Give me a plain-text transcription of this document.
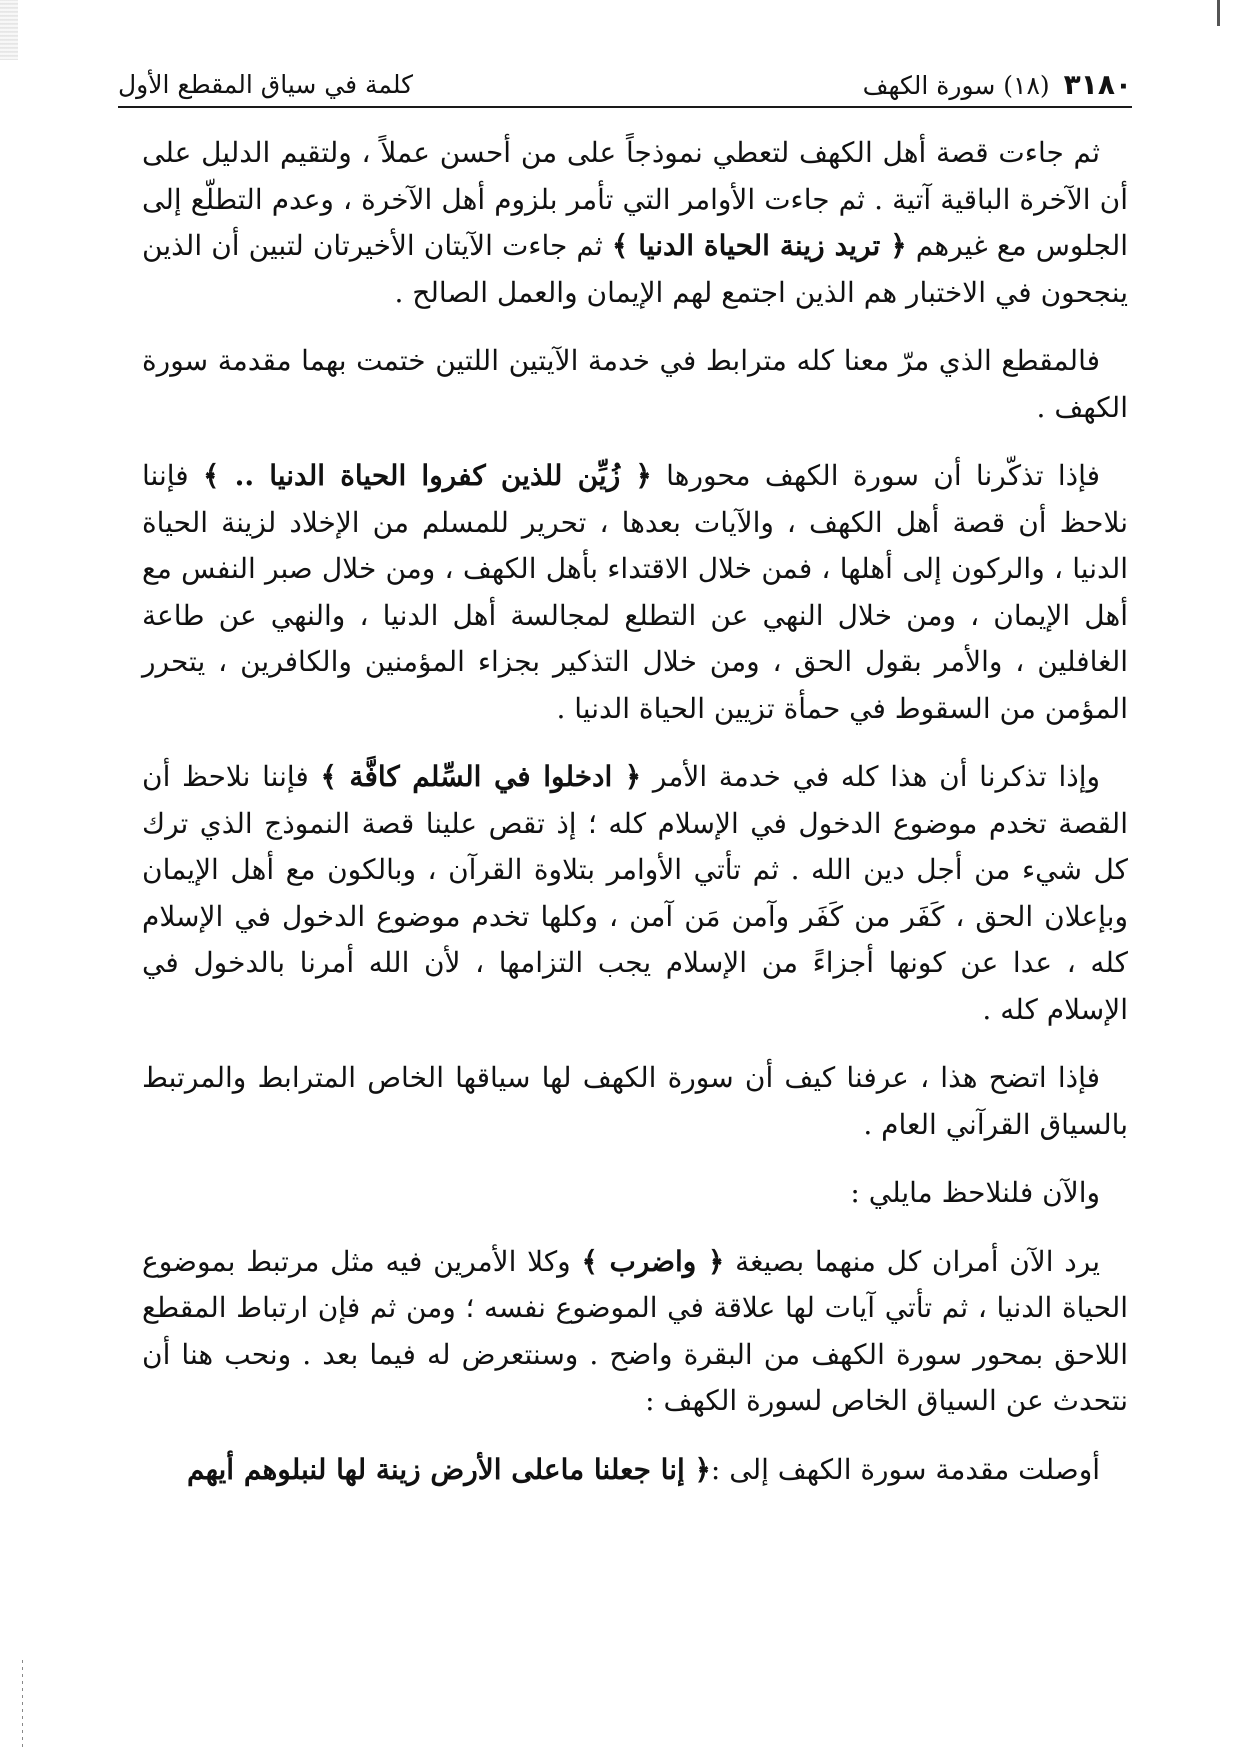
٣١٨٠
(١٨) سورة الكهف
كلمة في سياق المقطع الأول

ثم جاءت قصة أهل الكهف لتعطي نموذجاً على من أحسن عملاً ، ولتقيم الدليل على أن الآخرة الباقية آتية . ثم جاءت الأوامر التي تأمر بلزوم أهل الآخرة ، وعدم التطلّع إلى الجلوس مع غيرهم ﴿ تريد زينة الحياة الدنيا ﴾ ثم جاءت الآيتان الأخيرتان لتبين أن الذين ينجحون في الاختبار هم الذين اجتمع لهم الإيمان والعمل الصالح .

فالمقطع الذي مرّ معنا كله مترابط في خدمة الآيتين اللتين ختمت بهما مقدمة سورة الكهف .

فإذا تذكّرنا أن سورة الكهف محورها ﴿ زُيِّن للذين كفروا الحياة الدنيا .. ﴾ فإننا نلاحظ أن قصة أهل الكهف ، والآيات بعدها ، تحرير للمسلم من الإخلاد لزينة الحياة الدنيا ، والركون إلى أهلها ، فمن خلال الاقتداء بأهل الكهف ، ومن خلال صبر النفس مع أهل الإيمان ، ومن خلال النهي عن التطلع لمجالسة أهل الدنيا ، والنهي عن طاعة الغافلين ، والأمر بقول الحق ، ومن خلال التذكير بجزاء المؤمنين والكافرين ، يتحرر المؤمن من السقوط في حمأة تزيين الحياة الدنيا .

وإذا تذكرنا أن هذا كله في خدمة الأمر ﴿ ادخلوا في السِّلم كافَّة ﴾ فإننا نلاحظ أن القصة تخدم موضوع الدخول في الإسلام كله ؛ إذ تقص علينا قصة النموذج الذي ترك كل شيء من أجل دين الله . ثم تأتي الأوامر بتلاوة القرآن ، وبالكون مع أهل الإيمان وبإعلان الحق ، كَفَر من كَفَر وآمن مَن آمن ، وكلها تخدم موضوع الدخول في الإسلام كله ، عدا عن كونها أجزاءً من الإسلام يجب التزامها ، لأن الله أمرنا بالدخول في الإسلام كله .

فإذا اتضح هذا ، عرفنا كيف أن سورة الكهف لها سياقها الخاص المترابط والمرتبط بالسياق القرآني العام .

والآن فلنلاحظ مايلي :

يرد الآن أمران كل منهما بصيغة ﴿ واضرب ﴾ وكلا الأمرين فيه مثل مرتبط بموضوع الحياة الدنيا ، ثم تأتي آيات لها علاقة في الموضوع نفسه ؛ ومن ثم فإن ارتباط المقطع اللاحق بمحور سورة الكهف من البقرة واضح . وسنتعرض له فيما بعد . ونحب هنا أن نتحدث عن السياق الخاص لسورة الكهف :

أوصلت مقدمة سورة الكهف إلى :﴿ إنا جعلنا ماعلى الأرض زينة لها لنبلوهم أيهم
